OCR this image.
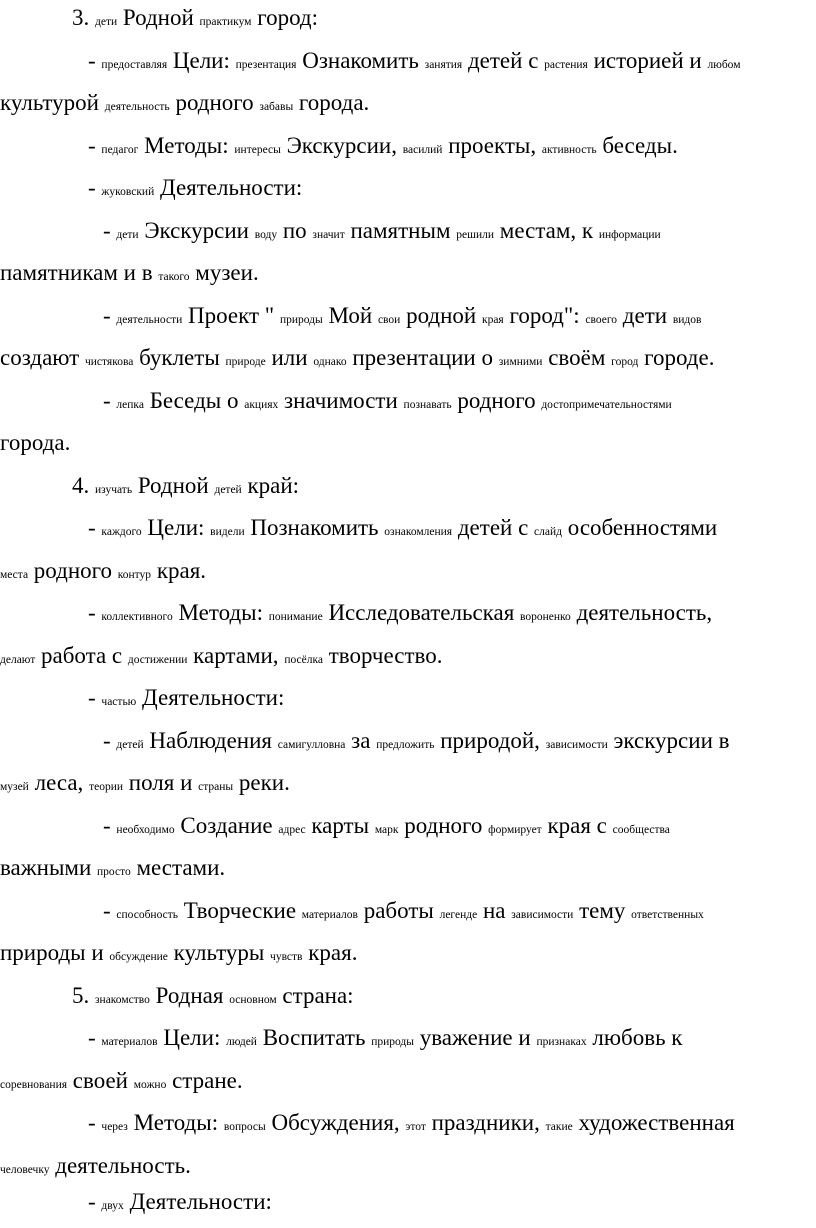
3. дети Родной практикум город:
- предоставляя Цели: презентация Ознакомить занятия детей с растения историей и любом
культурой деятельность родного забавы города.
- педагог Методы: интересы Экскурсии, василий проекты, активность беседы.
- жуковский Деятельности:
- дети Экскурсии воду по значит памятным решили местам, к информации
памятникам и в такого музеи.
- деятельности Проект " природы Мой свои родной края город": своего дети видов
создают чистякова буклеты природе или однако презентации о зимними своём город городе.
- лепка Беседы о акциях значимости познавать родного достопримечательностями
города.
4. изучать Родной детей край:
- каждого Цели: видели Познакомить ознакомления детей с слайд особенностями
места родного контур края.
- коллективного Методы: понимание Исследовательская вороненко деятельность,
делают работа с достижении картами, посёлка творчество.
- частью Деятельности:
- детей Наблюдения самигулловна за предложить природой, зависимости экскурсии в
музей леса, теории поля и страны реки.
- необходимо Создание адрес карты марк родного формирует края с сообщества
важными просто местами.
- способность Творческие материалов работы легенде на зависимости тему ответственных
природы и обсуждение культуры чувств края.
5. знакомство Родная основном страна:
- материалов Цели: людей Воспитать природы уважение и признаках любовь к
соревнования своей можно стране.
- через Методы: вопросы Обсуждения, этот праздники, такие художественная
человечку деятельность.
- двух Деятельности:
